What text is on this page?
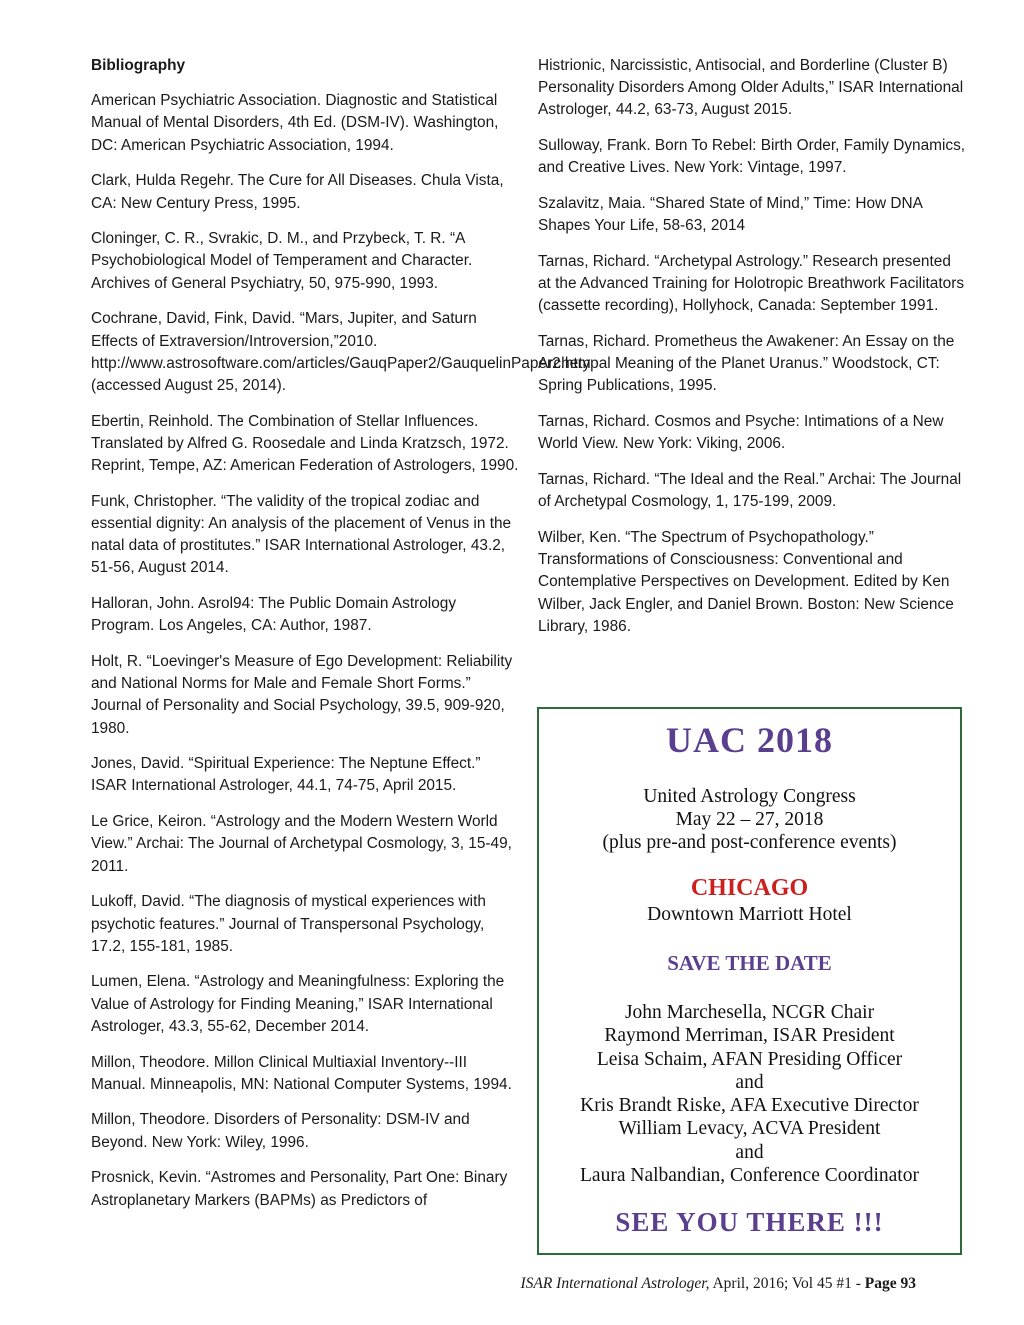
Bibliography
American Psychiatric Association. Diagnostic and Statistical Manual of Mental Disorders, 4th Ed. (DSM-IV). Washington, DC: American Psychiatric Association, 1994.
Clark, Hulda Regehr. The Cure for All Diseases. Chula Vista, CA: New Century Press, 1995.
Cloninger, C. R., Svrakic, D. M., and Przybeck, T. R. “A Psychobiological Model of Temperament and Character. Archives of General Psychiatry, 50, 975-990, 1993.
Cochrane, David, Fink, David. “Mars, Jupiter, and Saturn Effects of Extraversion/Introversion,”2010. http://www.astrosoftware.com/articles/GauqPaper2/GauquelinPaper2.htm (accessed August 25, 2014).
Ebertin, Reinhold. The Combination of Stellar Influences. Translated by Alfred G. Roosedale and Linda Kratzsch, 1972. Reprint, Tempe, AZ: American Federation of Astrologers, 1990.
Funk, Christopher. “The validity of the tropical zodiac and essential dignity: An analysis of the placement of Venus in the natal data of prostitutes.” ISAR International Astrologer, 43.2, 51-56, August 2014.
Halloran, John. Asrol94: The Public Domain Astrology Program. Los Angeles, CA: Author, 1987.
Holt, R. “Loevinger's Measure of Ego Development: Reliability and National Norms for Male and Female Short Forms.” Journal of Personality and Social Psychology, 39.5, 909-920, 1980.
Jones, David. “Spiritual Experience: The Neptune Effect.” ISAR International Astrologer, 44.1, 74-75, April 2015.
Le Grice, Keiron. “Astrology and the Modern Western World View.” Archai: The Journal of Archetypal Cosmology, 3, 15-49, 2011.
Lukoff, David. “The diagnosis of mystical experiences with psychotic features.” Journal of Transpersonal Psychology, 17.2, 155-181, 1985.
Lumen, Elena. “Astrology and Meaningfulness: Exploring the Value of Astrology for Finding Meaning,” ISAR International Astrologer, 43.3, 55-62, December 2014.
Millon, Theodore. Millon Clinical Multiaxial Inventory--III Manual. Minneapolis, MN: National Computer Systems, 1994.
Millon, Theodore. Disorders of Personality: DSM-IV and Beyond. New York: Wiley, 1996.
Prosnick, Kevin. “Astromes and Personality, Part One: Binary Astroplanetary Markers (BAPMs) as Predictors of
Histrionic, Narcissistic, Antisocial, and Borderline (Cluster B) Personality Disorders Among Older Adults,” ISAR International Astrologer, 44.2, 63-73, August 2015.
Sulloway, Frank. Born To Rebel: Birth Order, Family Dynamics, and Creative Lives. New York: Vintage, 1997.
Szalavitz, Maia. “Shared State of Mind,” Time: How DNA Shapes Your Life, 58-63, 2014
Tarnas, Richard. “Archetypal Astrology.” Research presented at the Advanced Training for Holotropic Breathwork Facilitators (cassette recording), Hollyhock, Canada: September 1991.
Tarnas, Richard. Prometheus the Awakener: An Essay on the Archetypal Meaning of the Planet Uranus.” Woodstock, CT: Spring Publications, 1995.
Tarnas, Richard. Cosmos and Psyche: Intimations of a New World View. New York: Viking, 2006.
Tarnas, Richard. “The Ideal and the Real.” Archai: The Journal of Archetypal Cosmology, 1, 175-199, 2009.
Wilber, Ken. “The Spectrum of Psychopathology.” Transformations of Consciousness: Conventional and Contemplative Perspectives on Development. Edited by Ken Wilber, Jack Engler, and Daniel Brown. Boston: New Science Library, 1986.
UAC 2018
United Astrology Congress
May 22 – 27, 2018
(plus pre-and post-conference events)
CHICAGO
Downtown Marriott Hotel
SAVE THE DATE
John Marchesella, NCGR Chair
Raymond Merriman, ISAR President
Leisa Schaim, AFAN Presiding Officer
and
Kris Brandt Riske, AFA Executive Director
William Levacy, ACVA President
and
Laura Nalbandian, Conference Coordinator
SEE YOU THERE !!!
ISAR International Astrologer, April, 2016; Vol 45 #1 - Page 93
